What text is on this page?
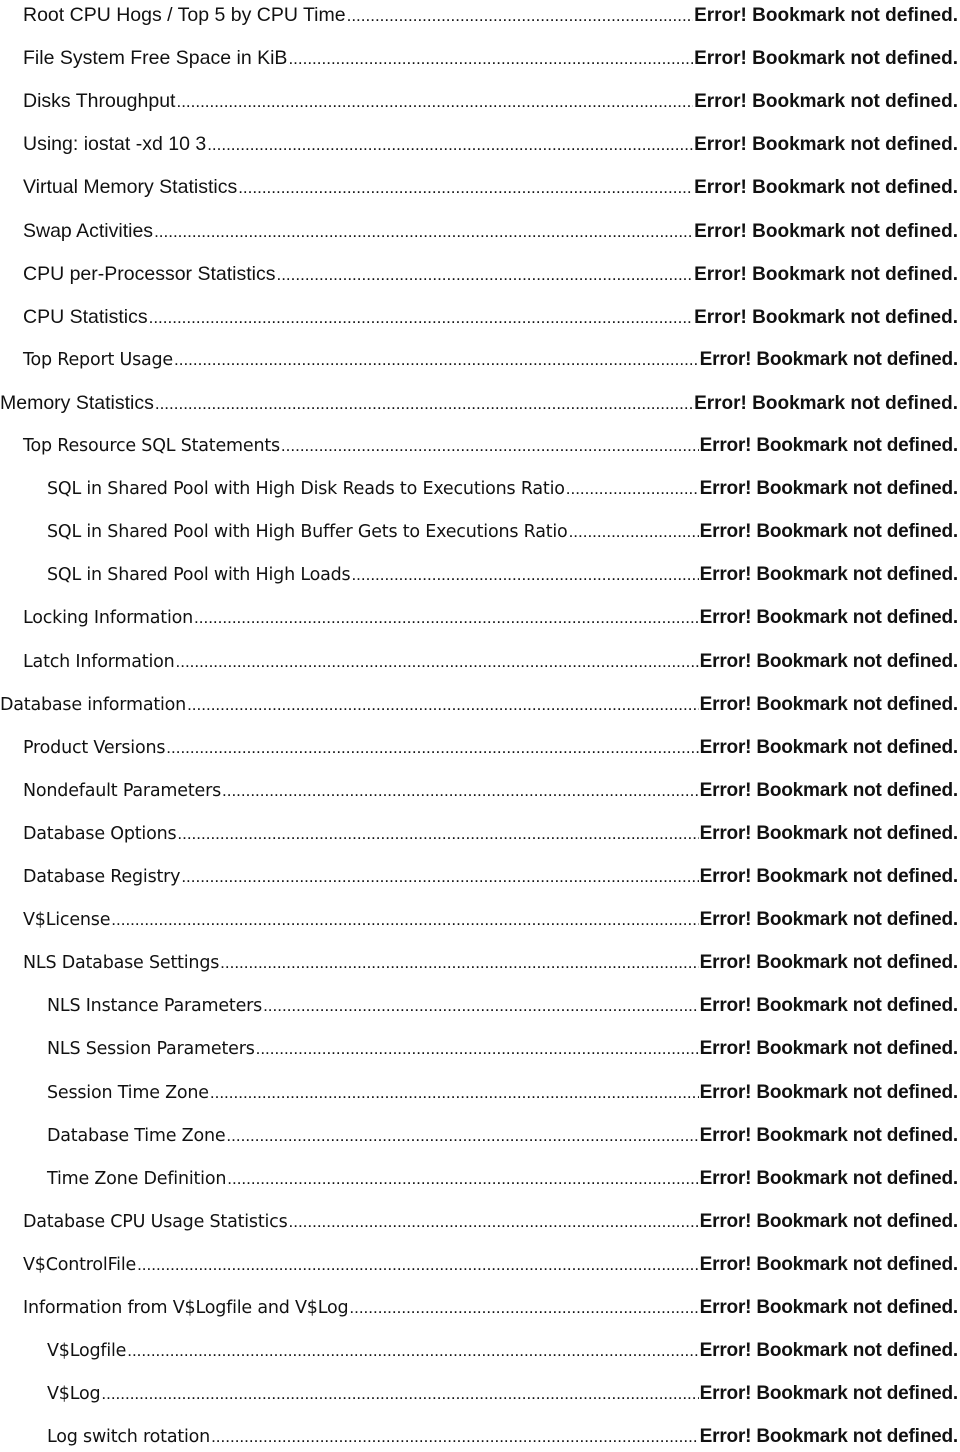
Root CPU Hogs / Top 5 by CPU Time .....	Error! Bookmark not defined.
File System Free Space in KiB .....	Error! Bookmark not defined.
Disks Throughput .....	Error! Bookmark not defined.
Using: iostat -xd 10 3 .....	Error! Bookmark not defined.
Virtual Memory Statistics .....	Error! Bookmark not defined.
Swap Activities .....	Error! Bookmark not defined.
CPU per-Processor Statistics .....	Error! Bookmark not defined.
CPU Statistics .....	Error! Bookmark not defined.
Top Report Usage .....	Error! Bookmark not defined.
Memory Statistics .....	Error! Bookmark not defined.
Top Resource SQL Statements .....	Error! Bookmark not defined.
SQL in Shared Pool with High Disk Reads to Executions Ratio .....	Error! Bookmark not defined.
SQL in Shared Pool with High Buffer Gets to Executions Ratio .....	Error! Bookmark not defined.
SQL in Shared Pool with High Loads .....	Error! Bookmark not defined.
Locking Information .....	Error! Bookmark not defined.
Latch Information .....	Error! Bookmark not defined.
Database information .....	Error! Bookmark not defined.
Product Versions .....	Error! Bookmark not defined.
Nondefault Parameters .....	Error! Bookmark not defined.
Database Options .....	Error! Bookmark not defined.
Database Registry .....	Error! Bookmark not defined.
V$License .....	Error! Bookmark not defined.
NLS Database Settings .....	Error! Bookmark not defined.
NLS Instance Parameters .....	Error! Bookmark not defined.
NLS Session Parameters .....	Error! Bookmark not defined.
Session Time Zone .....	Error! Bookmark not defined.
Database Time Zone .....	Error! Bookmark not defined.
Time Zone Definition .....	Error! Bookmark not defined.
Database CPU Usage Statistics .....	Error! Bookmark not defined.
V$ControlFile .....	Error! Bookmark not defined.
Information from V$Logfile and V$Log .....	Error! Bookmark not defined.
V$Logfile .....	Error! Bookmark not defined.
V$Log .....	Error! Bookmark not defined.
Log switch rotation .....	Error! Bookmark not defined.
